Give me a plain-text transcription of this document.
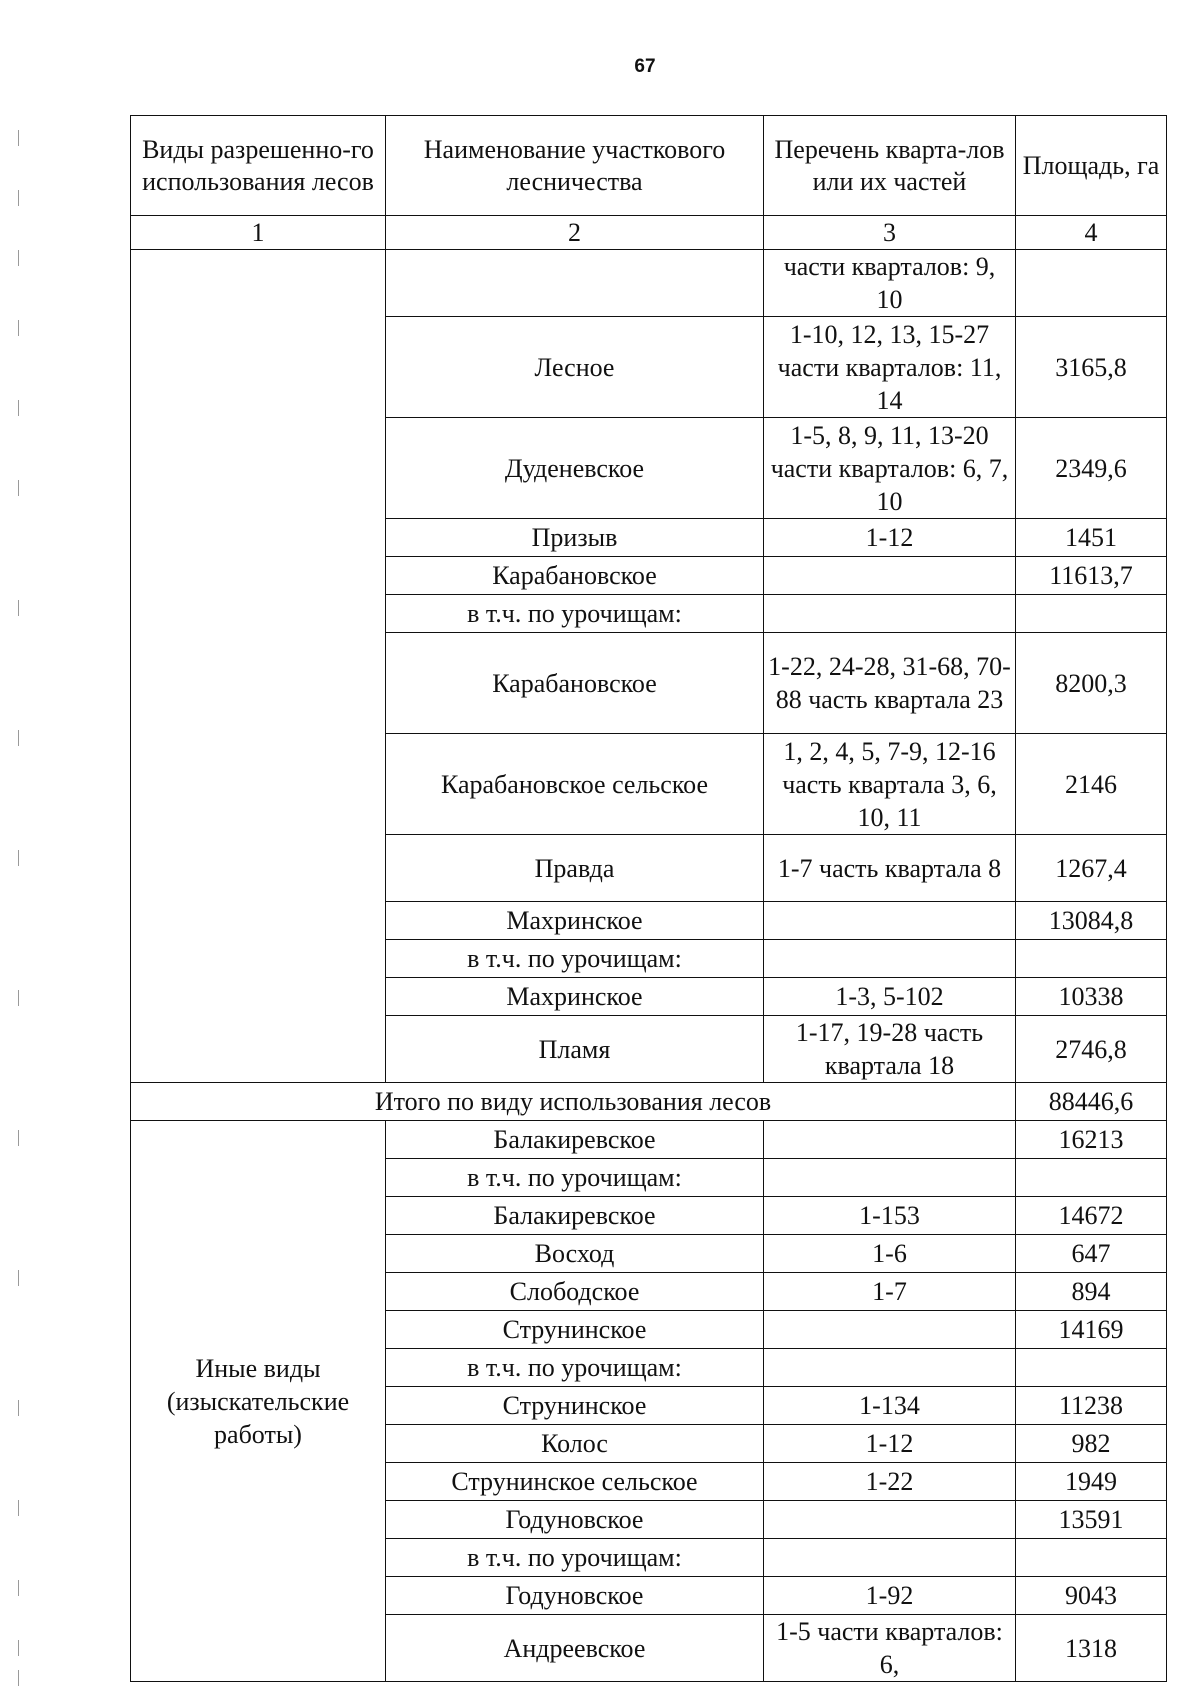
67
Виды разрешенно-го использования лесов	Наименование участкового лесничества	Перечень кварта-лов или их частей	Площадь, га
1	2	3	4
		части кварталов: 9, 10	
	Лесное	1-10, 12, 13, 15-27 части кварталов: 11, 14	3165,8
	Дуденевское	1-5, 8, 9, 11, 13-20 части кварталов: 6, 7, 10	2349,6
	Призыв	1-12	1451
	Карабановское		11613,7
	в т.ч. по урочищам:		
	Карабановское	1-22, 24-28, 31-68, 70-88 часть квартала 23	8200,3
	Карабановское сельское	1, 2, 4, 5, 7-9, 12-16 часть квартала 3, 6, 10, 11	2146
	Правда	1-7 часть квартала 8	1267,4
	Махринское		13084,8
	в т.ч. по урочищам:		
	Махринское	1-3, 5-102	10338
	Пламя	1-17, 19-28 часть квартала 18	2746,8
Итого по виду использования лесов			88446,6
Иные виды (изыскательские работы)	Балакиревское		16213
	в т.ч. по урочищам:		
	Балакиревское	1-153	14672
	Восход	1-6	647
	Слободское	1-7	894
	Струнинское		14169
	в т.ч. по урочищам:		
	Струнинское	1-134	11238
	Колос	1-12	982
	Струнинское сельское	1-22	1949
	Годуновское		13591
	в т.ч. по урочищам:		
	Годуновское	1-92	9043
	Андреевское	1-5 части кварталов: 6,	1318
